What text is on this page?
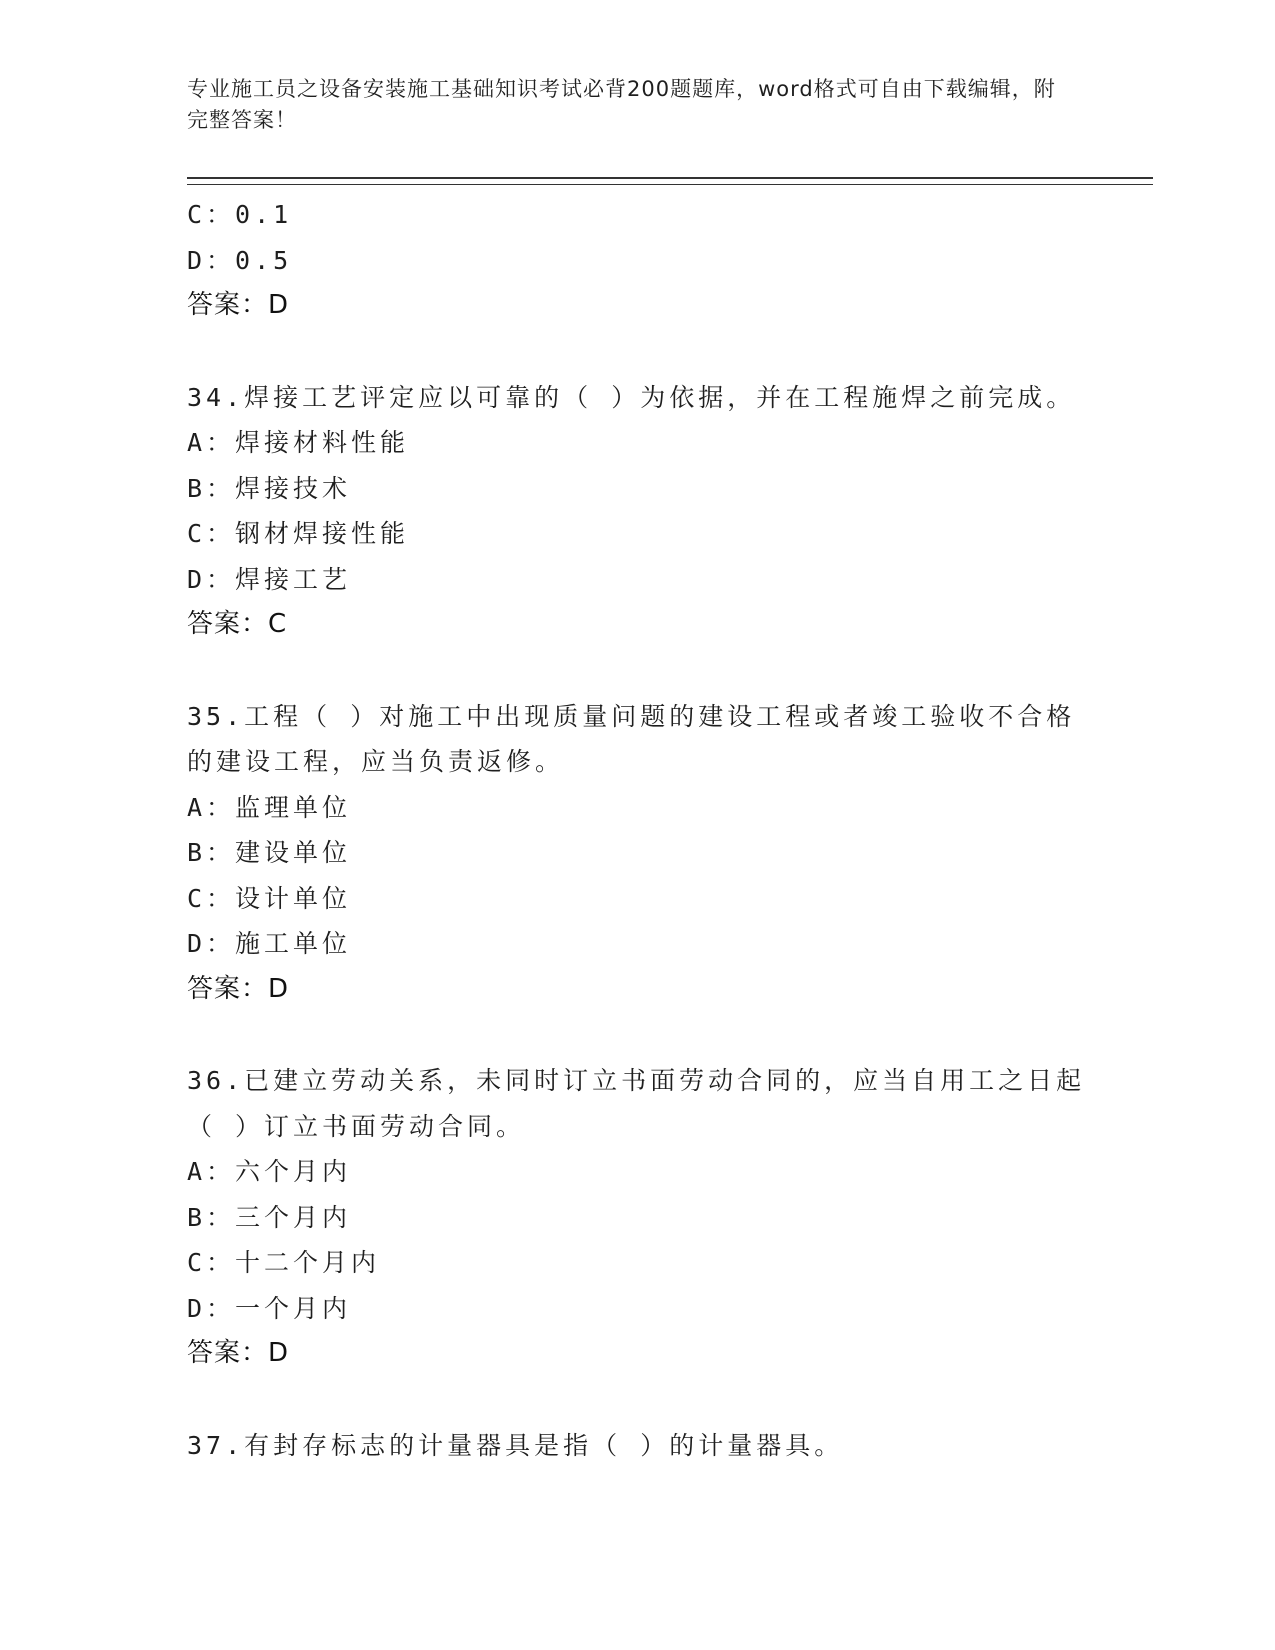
专业施工员之设备安装施工基础知识考试必背200题题库，word格式可自由下载编辑，附完整答案！
C：0.1
D：0.5
答案：D
34.焊接工艺评定应以可靠的（ ）为依据，并在工程施焊之前完成。
A：焊接材料性能
B：焊接技术
C：钢材焊接性能
D：焊接工艺
答案：C
35.工程（ ）对施工中出现质量问题的建设工程或者竣工验收不合格
的建设工程，应当负责返修。
A：监理单位
B：建设单位
C：设计单位
D：施工单位
答案：D
36.已建立劳动关系，未同时订立书面劳动合同的，应当自用工之日起
（ ）订立书面劳动合同。
A：六个月内
B：三个月内
C：十二个月内
D：一个月内
答案：D
37.有封存标志的计量器具是指（ ）的计量器具。
